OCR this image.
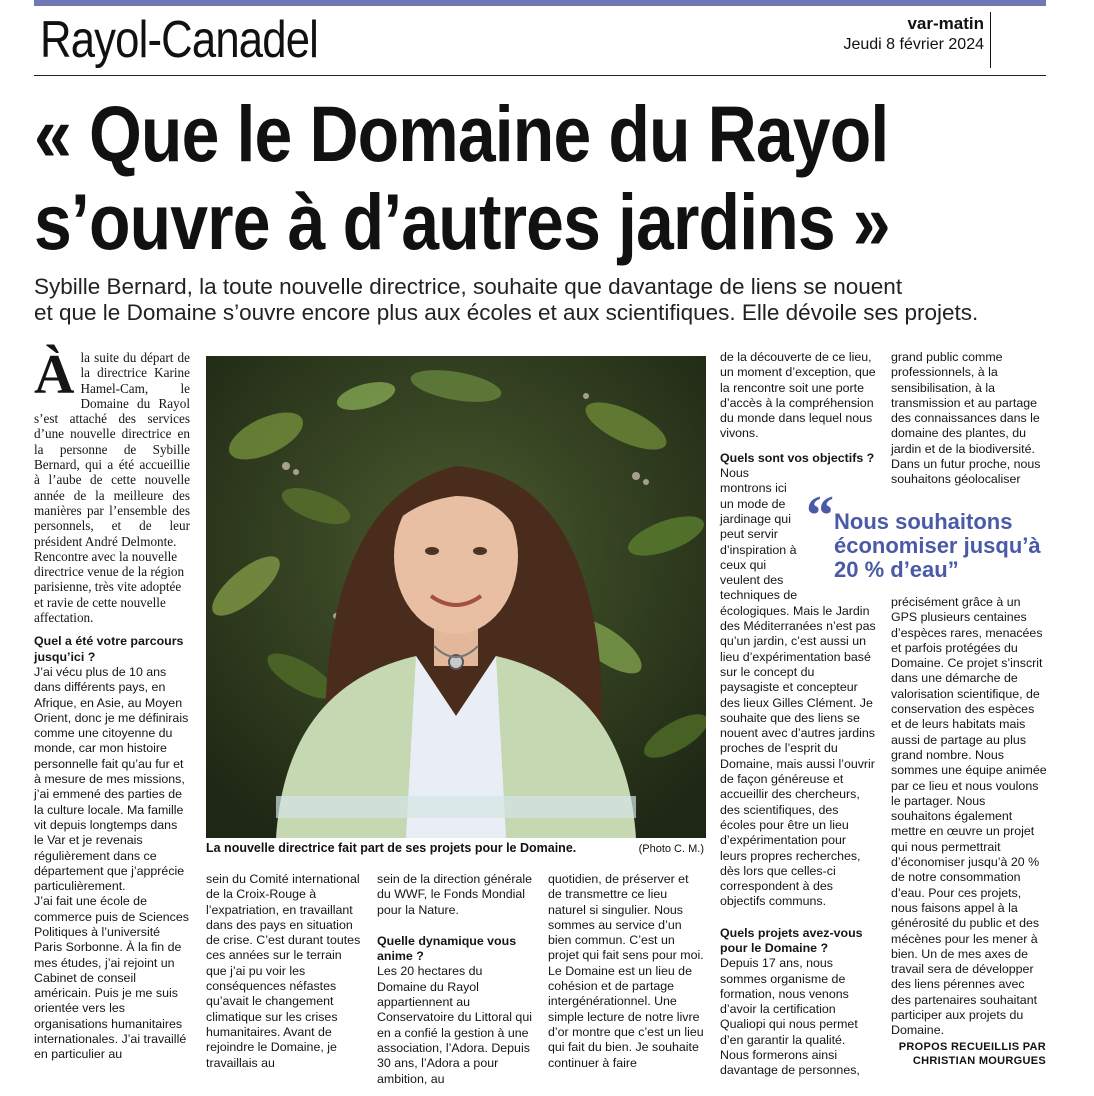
Rayol-Canadel	var-matin
Jeudi 8 février 2024
« Que le Domaine du Rayol
s’ouvre à d’autres jardins »
Sybille Bernard, la toute nouvelle directrice, souhaite que davantage de liens se nouent
et que le Domaine s’ouvre encore plus aux écoles et aux scientifiques. Elle dévoile ses projets.
Àla suite du départ de la directrice Karine Hamel-Cam, le Domaine du Rayol s’est attaché des services d’une nouvelle directrice en la personne de Sybille Bernard, qui a été accueillie à l’aube de cette nouvelle année de la meilleure des manières par l’ensemble des personnels, et de leur président André Delmonte.

Rencontre avec la nouvelle directrice venue de la région parisienne, très vite adoptée et ravie de cette nouvelle affectation.

Quel a été votre parcours jusqu’ici ?

J’ai vécu plus de 10 ans dans différents pays, en Afrique, en Asie, au Moyen Orient, donc je me définirais comme une citoyenne du monde, car mon histoire personnelle fait qu’au fur et à mesure de mes missions, j’ai emmené des parties de la culture locale. Ma famille vit depuis longtemps dans le Var et je revenais régulièrement dans ce département que j’apprécie particulièrement.

J’ai fait une école de commerce puis de Sciences Politiques à l’université Paris Sorbonne. À la fin de mes études, j’ai rejoint un Cabinet de conseil américain. Puis je me suis orientée vers les organisations humanitaires internationales. J’ai travaillé en particulier au

La nouvelle directrice fait part de ses projets pour le Domaine.	(Photo C. M.)

sein du Comité international de la Croix-Rouge à l’expatriation, en travaillant dans des pays en situation de crise. C’est durant toutes ces années sur le terrain que j’ai pu voir les conséquences néfastes qu’avait le changement climatique sur les crises humanitaires. Avant de rejoindre le Domaine, je travaillais au

sein de la direction générale du WWF, le Fonds Mondial pour la Nature.

Quelle dynamique vous anime ?

Les 20 hectares du Domaine du Rayol appartiennent au Conservatoire du Littoral qui en a confié la gestion à une association, l’Adora. Depuis 30 ans, l’Adora a pour ambition, au

quotidien, de préserver et de transmettre ce lieu naturel si singulier. Nous sommes au service d’un bien commun. C’est un projet qui fait sens pour moi. Le Domaine est un lieu de cohésion et de partage intergénérationnel. Une simple lecture de notre livre d’or montre que c’est un lieu qui fait du bien. Je souhaite continuer à faire

de la découverte de ce lieu, un moment d’exception, que la rencontre soit une porte d’accès à la compréhension du monde dans lequel nous vivons.

Quels sont vos objectifs ?

Nous montrons ici un mode de jardinage qui peut servir d’inspiration à ceux qui veulent des techniques de

écologiques. Mais le Jardin des Méditerranées n’est pas qu’un jardin, c’est aussi un lieu d’expérimentation basé sur le concept du paysagiste et concepteur des lieux Gilles Clément. Je souhaite que des liens se nouent avec d’autres jardins proches de l’esprit du Domaine, mais aussi l’ouvrir de façon généreuse et accueillir des chercheurs, des scientifiques, des écoles pour être un lieu d’expérimentation pour leurs propres recherches, dès lors que celles-ci correspondent à des objectifs communs.

Quels projets avez-vous pour le Domaine ?

Depuis 17 ans, nous sommes organisme de formation, nous venons d’avoir la certification Qualiopi qui nous permet d’en garantir la qualité. Nous formerons ainsi davantage de personnes,

grand public comme professionnels, à la sensibilisation, à la transmission et au partage des connaissances dans le domaine des plantes, du jardin et de la biodiversité. Dans un futur proche, nous souhaitons géolocaliser

précisément grâce à un GPS plusieurs centaines d’espèces rares, menacées et parfois protégées du Domaine. Ce projet s’inscrit dans une démarche de valorisation scientifique, de conservation des espèces et de leurs habitats mais aussi de partage au plus grand nombre. Nous sommes une équipe animée par ce lieu et nous voulons le partager. Nous souhaitons également mettre en œuvre un projet qui nous permettrait d’économiser jusqu’à 20 % de notre consommation d’eau. Pour ces projets, nous faisons appel à la générosité du public et des mécènes pour les mener à bien. Un de mes axes de travail sera de développer des liens pérennes avec des partenaires souhaitant participer aux projets du Domaine.

“ Nous souhaitons
économiser jusqu’à
20 % d’eau”
PROPOS RECUEILLIS PAR
CHRISTIAN MOURGUES
